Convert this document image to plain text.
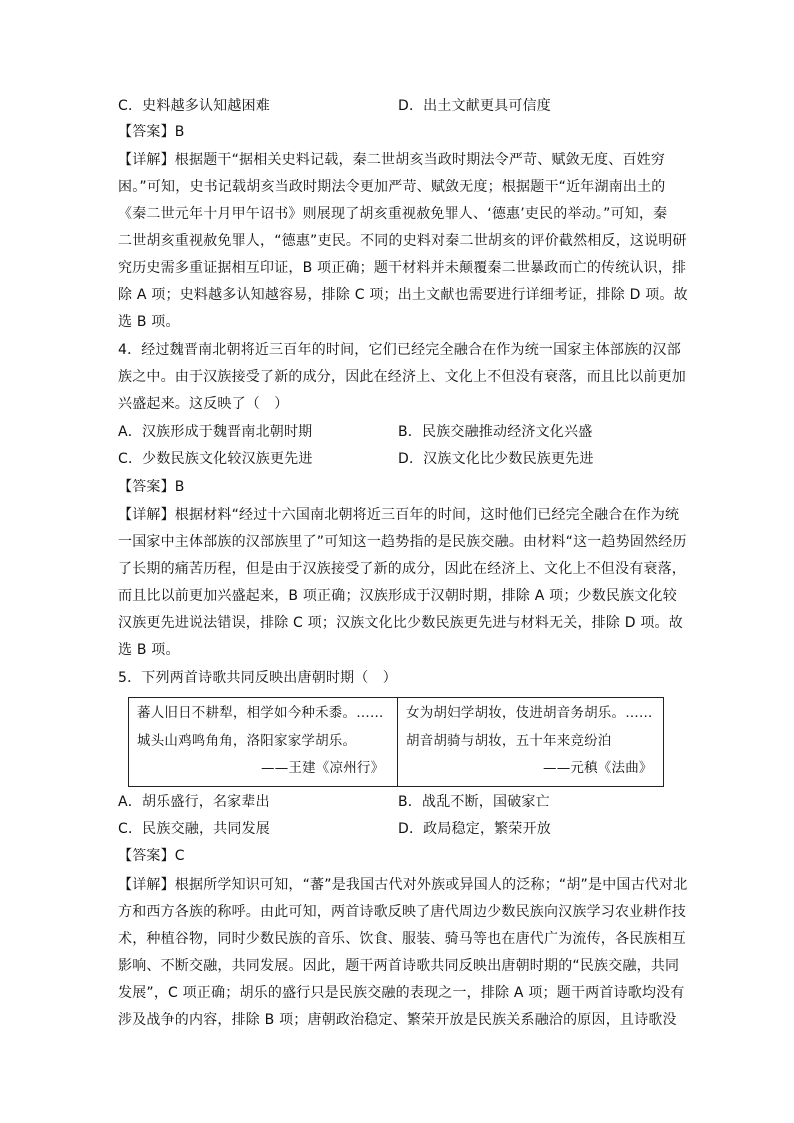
C．史料越多认知越困难	D．出土文献更具可信度
【答案】B
【详解】根据题干“据相关史料记载，秦二世胡亥当政时期法令严苛、赋敛无度、百姓穷
困。”可知，史书记载胡亥当政时期法令更加严苛、赋敛无度；根据题干“近年湖南出土的
《秦二世元年十月甲午诏书》则展现了胡亥重视赦免罪人、‘德惠’吏民的举动。”可知，秦
二世胡亥重视赦免罪人，“德惠”吏民。不同的史料对秦二世胡亥的评价截然相反，这说明研
究历史需多重证据相互印证，B 项正确；题干材料并未颠覆秦二世暴政而亡的传统认识，排
除 A 项；史料越多认知越容易，排除 C 项；出土文献也需要进行详细考证，排除 D 项。故
选 B 项。
4．经过魏晋南北朝将近三百年的时间，它们已经完全融合在作为统一国家主体部族的汉部
族之中。由于汉族接受了新的成分，因此在经济上、文化上不但没有衰落，而且比以前更加
兴盛起来。这反映了（　）
A．汉族形成于魏晋南北朝时期	B．民族交融推动经济文化兴盛
C．少数民族文化较汉族更先进	D．汉族文化比少数民族更先进
【答案】B
【详解】根据材料“经过十六国南北朝将近三百年的时间，这时他们已经完全融合在作为统
一国家中主体部族的汉部族里了”可知这一趋势指的是民族交融。由材料“这一趋势固然经历
了长期的痛苦历程，但是由于汉族接受了新的成分，因此在经济上、文化上不但没有衰落，
而且比以前更加兴盛起来，B 项正确；汉族形成于汉朝时期，排除 A 项；少数民族文化较
汉族更先进说法错误，排除 C 项；汉族文化比少数民族更先进与材料无关，排除 D 项。故
选 B 项。
5．下列两首诗歌共同反映出唐朝时期（　）
蕃人旧日不耕犁，相学如今种禾黍。……
城头山鸡鸣角角，洛阳家家学胡乐。
——王建《凉州行》
女为胡妇学胡妆，伎进胡音务胡乐。……
胡音胡骑与胡妆，五十年来竞纷泊
——元稹《法曲》
A．胡乐盛行，名家辈出	B．战乱不断，国破家亡
C．民族交融，共同发展	D．政局稳定，繁荣开放
【答案】C
【详解】根据所学知识可知，“蕃”是我国古代对外族或异国人的泛称；“胡”是中国古代对北
方和西方各族的称呼。由此可知，两首诗歌反映了唐代周边少数民族向汉族学习农业耕作技
术，种植谷物，同时少数民族的音乐、饮食、服装、骑马等也在唐代广为流传，各民族相互
影响、不断交融，共同发展。因此，题干两首诗歌共同反映出唐朝时期的“民族交融，共同
发展”，C 项正确；胡乐的盛行只是民族交融的表现之一，排除 A 项；题干两首诗歌均没有
涉及战争的内容，排除 B 项；唐朝政治稳定、繁荣开放是民族关系融洽的原因，且诗歌没
